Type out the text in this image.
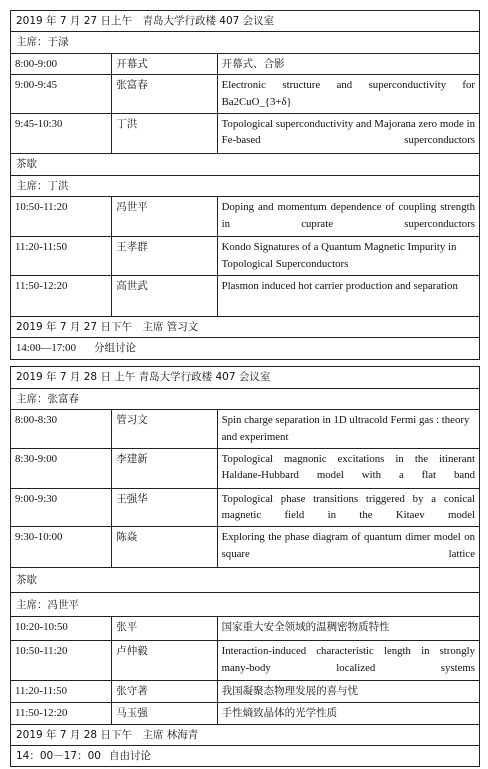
2019 年 7 月 27 日上午　青岛大学行政楼 407 会议室		
主席：于渌		
8:00-9:00	开幕式	开幕式、合影
9:00-9:45	张富春	Electronic structure and superconductivity for Ba2CuO_{3+δ}
9:45-10:30	丁洪	Topological superconductivity and Majorana zero mode in Fe-based superconductors
茶歇		
主席：丁洪		
10:50-11:20	冯世平	Doping and momentum dependence of coupling strength in cuprate superconductors
11:20-11:50	王孝群	Kondo Signatures of a Quantum Magnetic Impurity in Topological Superconductors
11:50-12:20	高世武	Plasmon induced hot carrier production and separation
2019 年 7 月 27 日下午　主席 管习文		
14:00—17:00 分组讨论		
2019 年 7 月 28 日 上午 青岛大学行政楼 407 会议室		
主席：张富春		
8:00-8:30	管习文	Spin charge separation in 1D ultracold Fermi gas : theory and experiment
8:30-9:00	李建新	Topological magnonic excitations in the itinerant Haldane-Hubbard model with a flat band
9:00-9:30	王强华	Topological phase transitions triggered by a conical magnetic field in the Kitaev model
9:30-10:00	陈焱	Exploring the phase diagram of quantum dimer model on square lattice
茶歇		
主席：冯世平		
10:20-10:50	张平	国家重大安全领域的温稠密物质特性
10:50-11:20	卢仲毅	Interaction-induced characteristic length in strongly many-body localized systems
11:20-11:50	张守著	我国凝聚态物理发展的喜与忧
11:50-12:20	马玉强	手性熵致晶体的光学性质
2019 年 7 月 28 日下午　主席 林海青		
14：00－17：00 自由讨论		
